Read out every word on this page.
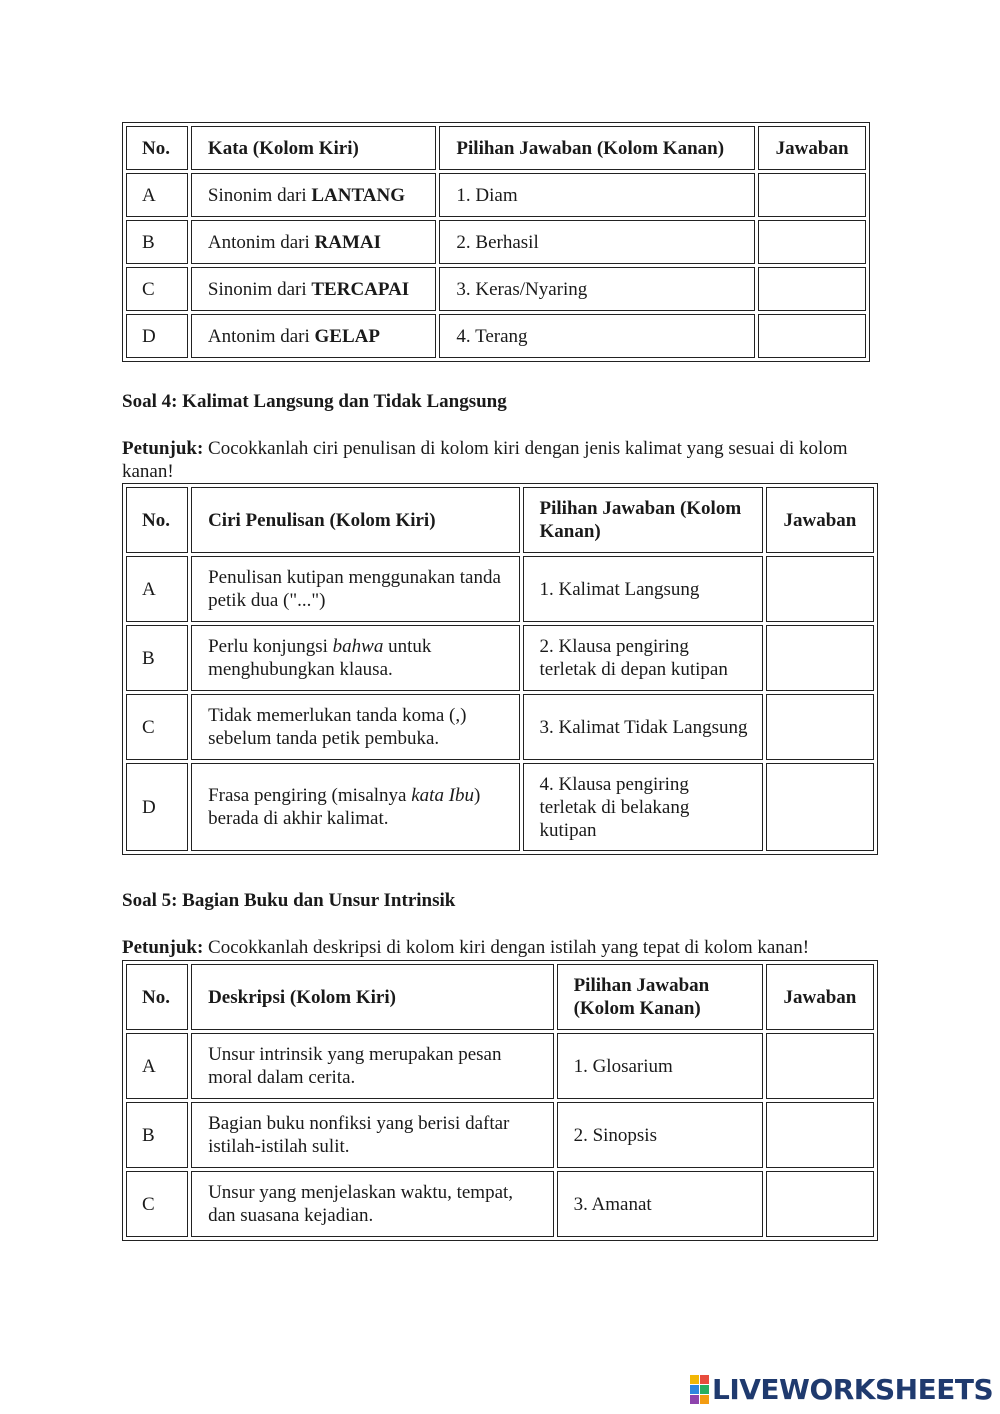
No.	Kata (Kolom Kiri)	Pilihan Jawaban (Kolom Kanan)	Jawaban
A	Sinonim dari LANTANG	1. Diam	
B	Antonim dari RAMAI	2. Berhasil	
C	Sinonim dari TERCAPAI	3. Keras/Nyaring	
D	Antonim dari GELAP	4. Terang	
Soal 4: Kalimat Langsung dan Tidak Langsung
Petunjuk: Cocokkanlah ciri penulisan di kolom kiri dengan jenis kalimat yang sesuai di kolom kanan!
No.	Ciri Penulisan (Kolom Kiri)	Pilihan Jawaban (Kolom Kanan)	Jawaban
A	Penulisan kutipan menggunakan tanda petik dua ("...")	1. Kalimat Langsung	
B	Perlu konjungsi bahwa untuk menghubungkan klausa.	2. Klausa pengiring terletak di depan kutipan	
C	Tidak memerlukan tanda koma (,) sebelum tanda petik pembuka.	3. Kalimat Tidak Langsung	
D	Frasa pengiring (misalnya kata Ibu) berada di akhir kalimat.	4. Klausa pengiring terletak di belakang kutipan	
Soal 5: Bagian Buku dan Unsur Intrinsik
Petunjuk: Cocokkanlah deskripsi di kolom kiri dengan istilah yang tepat di kolom kanan!
No.	Deskripsi (Kolom Kiri)	Pilihan Jawaban (Kolom Kanan)	Jawaban
A	Unsur intrinsik yang merupakan pesan moral dalam cerita.	1. Glosarium	
B	Bagian buku nonfiksi yang berisi daftar istilah-istilah sulit.	2. Sinopsis	
C	Unsur yang menjelaskan waktu, tempat, dan suasana kejadian.	3. Amanat	
LIVEWORKSHEETS
